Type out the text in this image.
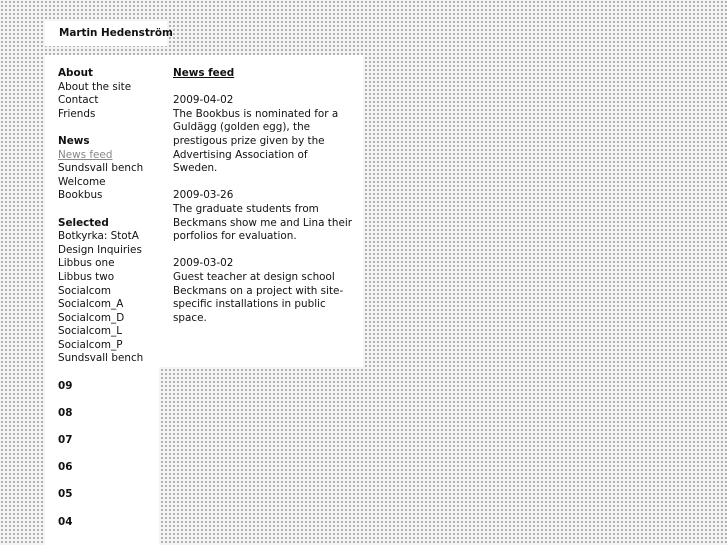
Martin Hedenström
About
About the site
Contact
Friends
News
News feed
Sundsvall bench
Welcome
Bookbus
Selected
Botkyrka: StotA
Design Inquiries
Libbus one
Libbus two
Socialcom
Socialcom_A
Socialcom_D
Socialcom_L
Socialcom_P
Sundsvall bench
09
08
07
06
05
04
News feed
2009-04-02
The Bookbus is nominated for a Guldägg (golden egg), the prestigous prize given by the Advertising Association of Sweden.
2009-03-26
The graduate students from Beckmans show me and Lina their porfolios for evaluation.
2009-03-02
Guest teacher at design school Beckmans on a project with site-specific installations in public space.
